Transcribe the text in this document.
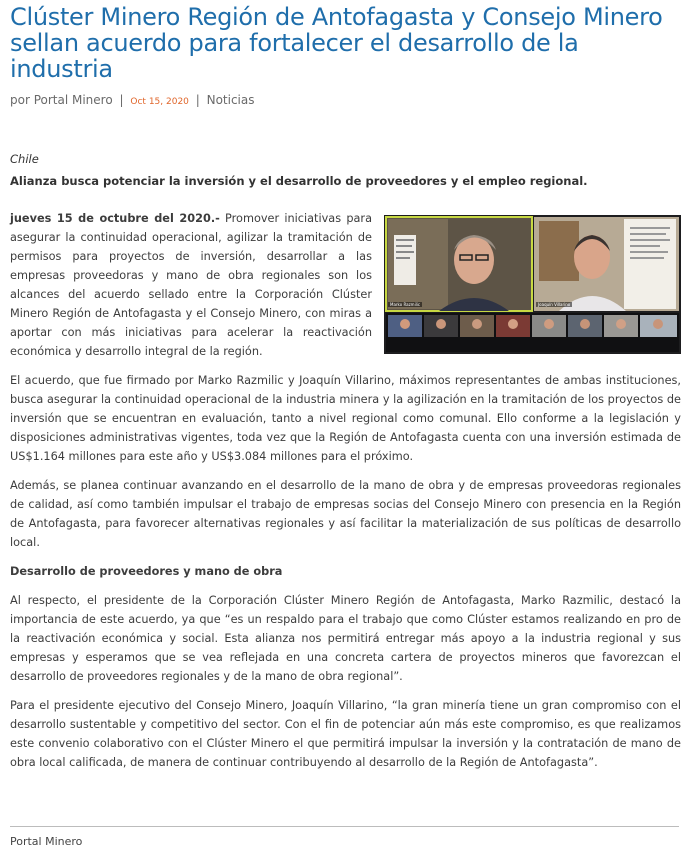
Clúster Minero Región de Antofagasta y Consejo Minero sellan acuerdo para fortalecer el desarrollo de la industria
por Portal Minero | Oct 15, 2020 | Noticias
Chile
Alianza busca potenciar la inversión y el desarrollo de proveedores y el empleo regional.
Marko Razmilic	Joaquín Villarino

jueves 15 de octubre del 2020.- Promover iniciativas para asegurar la continuidad operacional, agilizar la tramitación de permisos para proyectos de inversión, desarrollar a las empresas proveedoras y mano de obra regionales son los alcances del acuerdo sellado entre la Corporación Clúster Minero Región de Antofagasta y el Consejo Minero, con miras a aportar con más iniciativas para acelerar la reactivación económica y desarrollo integral de la región.

El acuerdo, que fue firmado por Marko Razmilic y Joaquín Villarino, máximos representantes de ambas instituciones, busca asegurar la continuidad operacional de la industria minera y la agilización en la tramitación de los proyectos de inversión que se encuentran en evaluación, tanto a nivel regional como comunal. Ello conforme a la legislación y disposiciones administrativas vigentes, toda vez que la Región de Antofagasta cuenta con una inversión estimada de US$1.164 millones para este año y US$3.084 millones para el próximo.

Además, se planea continuar avanzando en el desarrollo de la mano de obra y de empresas proveedoras regionales de calidad, así como también impulsar el trabajo de empresas socias del Consejo Minero con presencia en la Región de Antofagasta, para favorecer alternativas regionales y así facilitar la materialización de sus políticas de desarrollo local.

Desarrollo de proveedores y mano de obra

Al respecto, el presidente de la Corporación Clúster Minero Región de Antofagasta, Marko Razmilic, destacó la importancia de este acuerdo, ya que “es un respaldo para el trabajo que como Clúster estamos realizando en pro de la reactivación económica y social. Esta alianza nos permitirá entregar más apoyo a la industria regional y sus empresas y esperamos que se vea reflejada en una concreta cartera de proyectos mineros que favorezcan el desarrollo de proveedores regionales y de la mano de obra regional”.

Para el presidente ejecutivo del Consejo Minero, Joaquín Villarino, “la gran minería tiene un gran compromiso con el desarrollo sustentable y competitivo del sector. Con el fin de potenciar aún más este compromiso, es que realizamos este convenio colaborativo con el Clúster Minero el que permitirá impulsar la inversión y la contratación de mano de obra local calificada, de manera de continuar contribuyendo al desarrollo de la Región de Antofagasta”.

Portal Minero
